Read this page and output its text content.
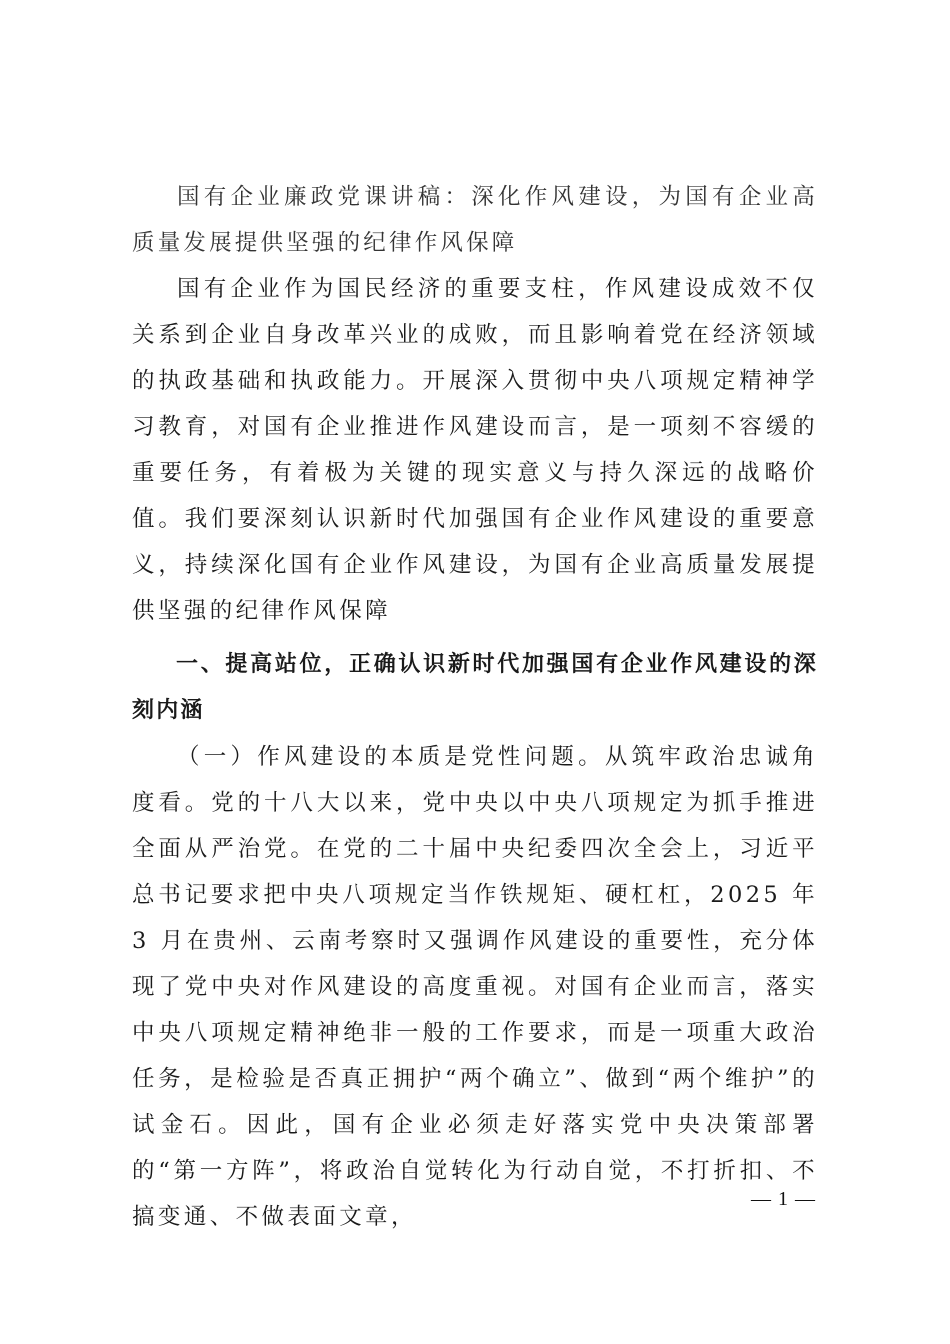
国有企业廉政党课讲稿：深化作风建设，为国有企业高质量发展提供坚强的纪律作风保障

国有企业作为国民经济的重要支柱，作风建设成效不仅关系到企业自身改革兴业的成败，而且影响着党在经济领域的执政基础和执政能力。开展深入贯彻中央八项规定精神学习教育，对国有企业推进作风建设而言，是一项刻不容缓的重要任务，有着极为关键的现实意义与持久深远的战略价值。我们要深刻认识新时代加强国有企业作风建设的重要意义，持续深化国有企业作风建设，为国有企业高质量发展提供坚强的纪律作风保障

一、提高站位，正确认识新时代加强国有企业作风建设的深刻内涵

（一）作风建设的本质是党性问题。从筑牢政治忠诚角度看。党的十八大以来，党中央以中央八项规定为抓手推进全面从严治党。在党的二十届中央纪委四次全会上，习近平总书记要求把中央八项规定当作铁规矩、硬杠杠，2025 年 3 月在贵州、云南考察时又强调作风建设的重要性，充分体现了党中央对作风建设的高度重视。对国有企业而言，落实中央八项规定精神绝非一般的工作要求，而是一项重大政治任务，是检验是否真正拥护“两个确立”、做到“两个维护”的试金石。因此，国有企业必须走好落实党中央决策部署的“第一方阵”，将政治自觉转化为行动自觉，不打折扣、不搞变通、不做表面文章，

— 1 —
